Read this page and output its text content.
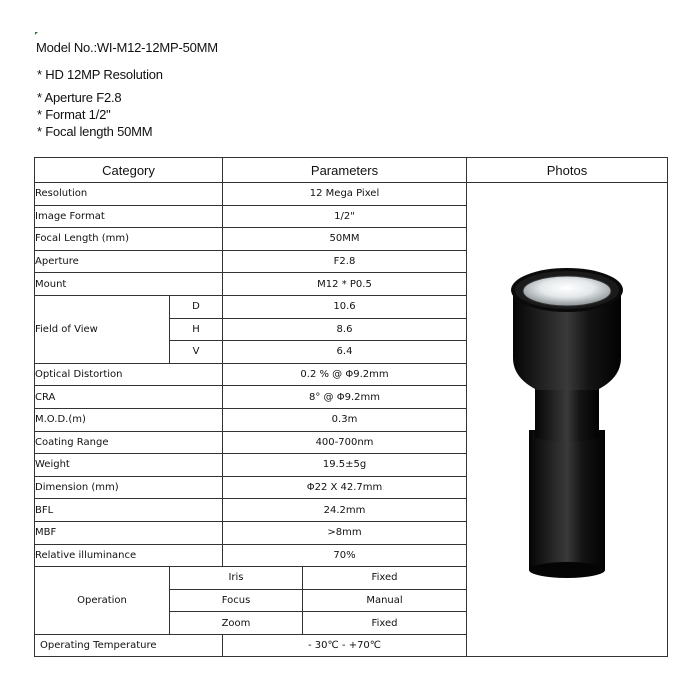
Model No.:WI-M12-12MP-50MM
* HD 12MP Resolution
* Aperture F2.8
* Format 1/2"
* Focal length 50MM
Category		Parameters		Photos
Resolution		12 Mega Pixel	

Image Format		1/2"		
Focal Length (mm)		50MM		
Aperture		F2.8		
Mount		M12 * P0.5		
Field of View	D	10.6		
	H	8.6		
	V	6.4		
Optical Distortion		0.2 % @ Φ9.2mm		
CRA		8° @ Φ9.2mm		
M.O.D.(m)		0.3m		
Coating Range		400-700nm		
Weight		19.5±5g		
Dimension (mm)		Φ22 X 42.7mm		
BFL		24.2mm		
MBF		>8mm		
Relative illuminance		70%		
Operation	Iris		Fixed	
	Focus		Manual	
	Zoom		Fixed	
Operating Temperature		- 30℃ - +70℃		
